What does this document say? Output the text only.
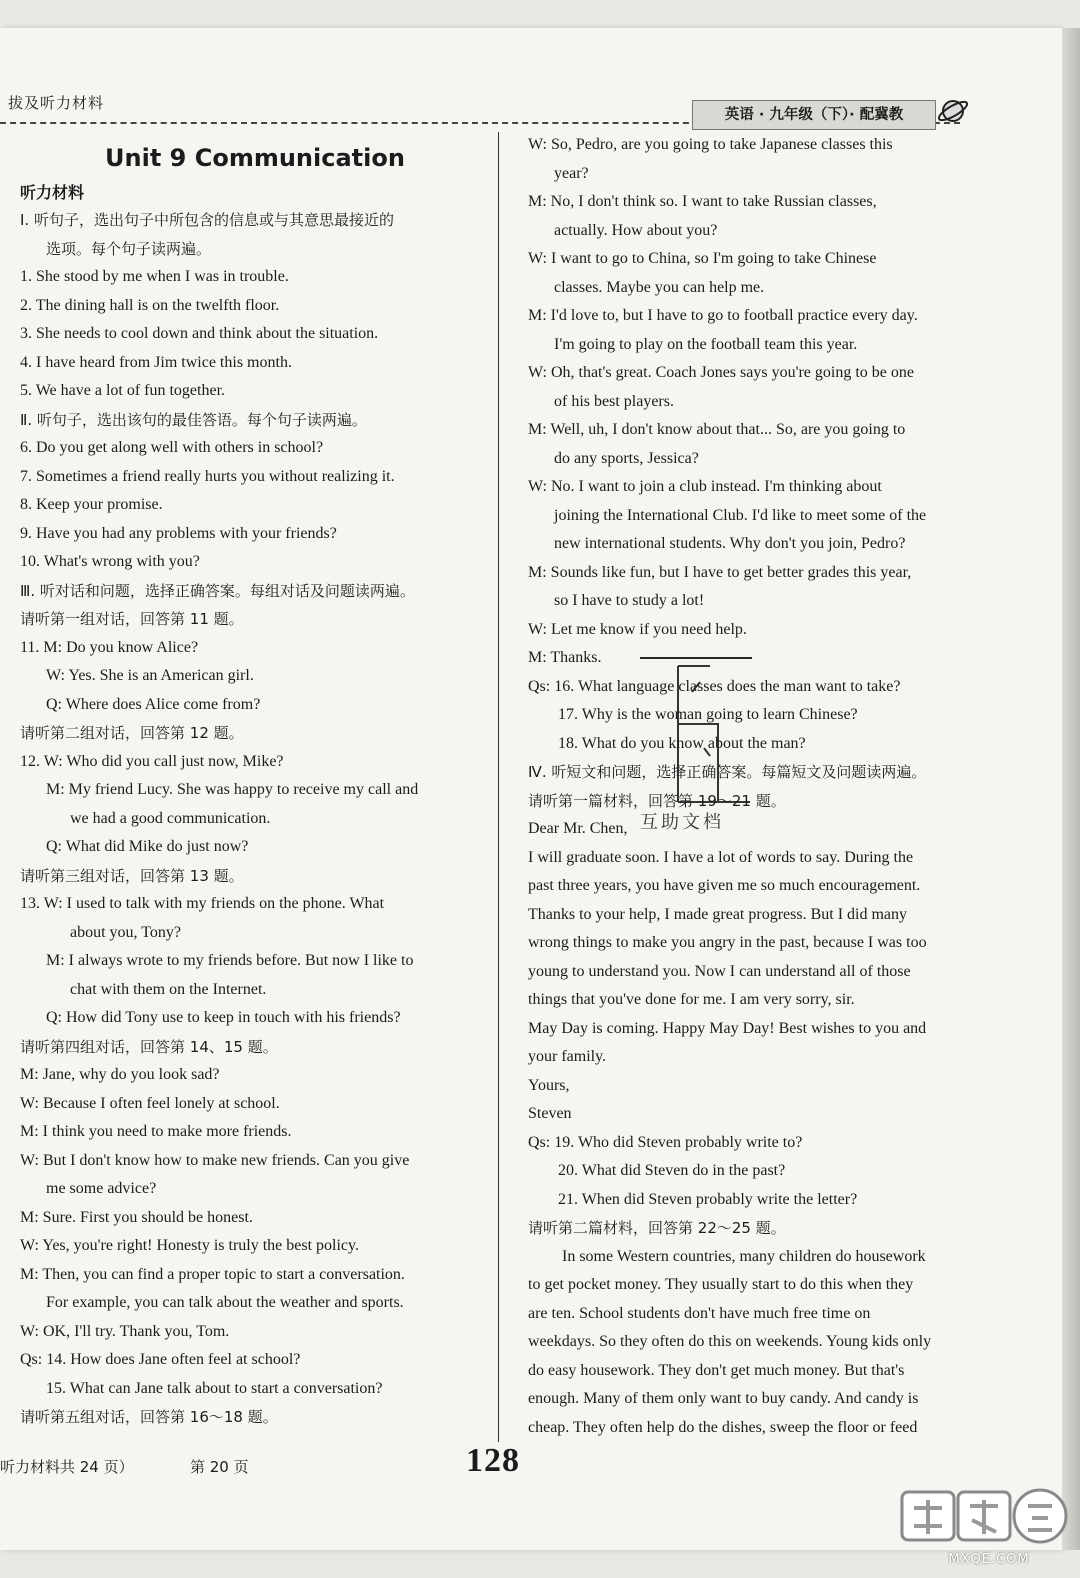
拔及听力材料
英语 · 九年级（下）· 配冀教
Unit 9 Communication
听力材料
Ⅰ. 听句子，选出句子中所包含的信息或与其意思最接近的
选项。每个句子读两遍。
1. She stood by me when I was in trouble.
2. The dining hall is on the twelfth floor.
3. She needs to cool down and think about the situation.
4. I have heard from Jim twice this month.
5. We have a lot of fun together.
Ⅱ. 听句子，选出该句的最佳答语。每个句子读两遍。
6. Do you get along well with others in school?
7. Sometimes a friend really hurts you without realizing it.
8. Keep your promise.
9. Have you had any problems with your friends?
10. What's wrong with you?
Ⅲ. 听对话和问题，选择正确答案。每组对话及问题读两遍。
请听第一组对话，回答第 11 题。
11. M: Do you know Alice?
W: Yes. She is an American girl.
Q: Where does Alice come from?
请听第二组对话，回答第 12 题。
12. W: Who did you call just now, Mike?
M: My friend Lucy. She was happy to receive my call and
we had a good communication.
Q: What did Mike do just now?
请听第三组对话，回答第 13 题。
13. W: I used to talk with my friends on the phone. What
about you, Tony?
M: I always wrote to my friends before. But now I like to
chat with them on the Internet.
Q: How did Tony use to keep in touch with his friends?
请听第四组对话，回答第 14、15 题。
M: Jane, why do you look sad?
W: Because I often feel lonely at school.
M: I think you need to make more friends.
W: But I don't know how to make new friends. Can you give
me some advice?
M: Sure. First you should be honest.
W: Yes, you're right! Honesty is truly the best policy.
M: Then, you can find a proper topic to start a conversation.
For example, you can talk about the weather and sports.
W: OK, I'll try. Thank you, Tom.
Qs: 14. How does Jane often feel at school?
15. What can Jane talk about to start a conversation?
请听第五组对话，回答第 16～18 题。
W: So, Pedro, are you going to take Japanese classes this
year?
M: No, I don't think so. I want to take Russian classes,
actually. How about you?
W: I want to go to China, so I'm going to take Chinese
classes. Maybe you can help me.
M: I'd love to, but I have to go to football practice every day.
I'm going to play on the football team this year.
W: Oh, that's great. Coach Jones says you're going to be one
of his best players.
M: Well, uh, I don't know about that... So, are you going to
do any sports, Jessica?
W: No. I want to join a club instead. I'm thinking about
joining the International Club. I'd like to meet some of the
new international students. Why don't you join, Pedro?
M: Sounds like fun, but I have to get better grades this year,
so I have to study a lot!
W: Let me know if you need help.
M: Thanks.
Qs: 16. What language classes does the man want to take?
17. Why is the woman going to learn Chinese?
18. What do you know about the man?
Ⅳ. 听短文和问题，选择正确答案。每篇短文及问题读两遍。
请听第一篇材料，回答第 19～21 题。
Dear Mr. Chen,
I will graduate soon. I have a lot of words to say. During the
past three years, you have given me so much encouragement.
Thanks to your help, I made great progress. But I did many
wrong things to make you angry in the past, because I was too
young to understand you. Now I can understand all of those
things that you've done for me. I am very sorry, sir.
May Day is coming. Happy May Day! Best wishes to you and
your family.
Yours,
Steven
Qs: 19. Who did Steven probably write to?
20. What did Steven do in the past?
21. When did Steven probably write the letter?
请听第二篇材料，回答第 22～25 题。
In some Western countries, many children do housework
to get pocket money. They usually start to do this when they
are ten. School students don't have much free time on
weekdays. So they often do this on weekends. Young kids only
do easy housework. They don't get much money. But that's
enough. Many of them only want to buy candy. And candy is
cheap. They often help do the dishes, sweep the floor or feed
互助文档
听力材料共 24 页）	第 20 页	128
MXQE.COM
